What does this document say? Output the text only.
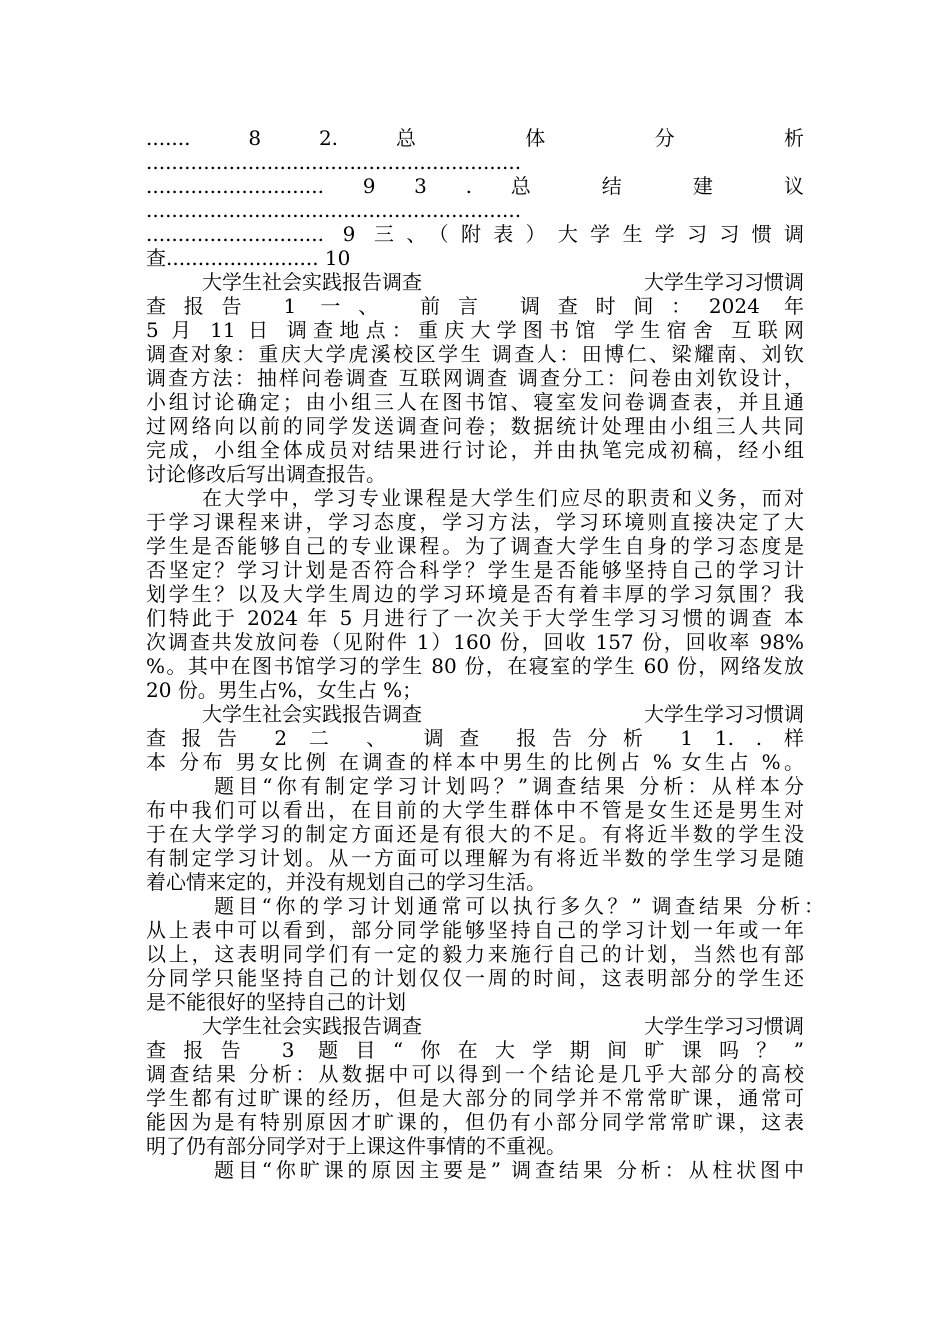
....... 8 2. 总 体 分 析
...........................................................
............................ 9 3 . 总 结 建 议
...........................................................
............................ 9 三、（附表）大学生学习习惯调
查........................ 10
大学生社会实践报告调查	大学生学习习惯调
查报告 1 一、 前言 调查时间：2024 年
5 月 11 日 调查地点：重庆大学图书馆 学生宿舍 互联网
调查对象：重庆大学虎溪校区学生 调查人：田博仁、梁耀南、刘钦
调查方法：抽样问卷调查 互联网调查 调查分工：问卷由刘钦设计，
小组讨论确定；由小组三人在图书馆、寝室发问卷调查表，并且通
过网络向以前的同学发送调查问卷；数据统计处理由小组三人共同
完成，小组全体成员对结果进行讨论，并由执笔完成初稿，经小组
讨论修改后写出调查报告。
在大学中，学习专业课程是大学生们应尽的职责和义务，而对
于学习课程来讲，学习态度，学习方法，学习环境则直接决定了大
学生是否能够自己的专业课程。为了调查大学生自身的学习态度是
否坚定？学习计划是否符合科学？学生是否能够坚持自己的学习计
划学生？以及大学生周边的学习环境是否有着丰厚的学习氛围？我
们特此于 2024 年 5 月进行了一次关于大学生学习习惯的调查 本
次调查共发放问卷（见附件 1）160 份，回收 157 份，回收率 98%
%。其中在图书馆学习的学生 80 份，在寝室的学生 60 份，网络发放
20 份。男生占%，女生占 %；
大学生社会实践报告调查	大学生学习习惯调
查报告 2 二 、 调查 报告分析 1 1. . 样
本 分布 男女比例 在调查的样本中男生的比例占 % 女生占 %。
题目“你有制定学习计划吗？”调查结果 分析：从样本分
布中我们可以看出，在目前的大学生群体中不管是女生还是男生对
于在大学学习的制定方面还是有很大的不足。有将近半数的学生没
有制定学习计划。从一方面可以理解为有将近半数的学生学习是随
着心情来定的，并没有规划自己的学习生活。
题目“你的学习计划通常可以执行多久？” 调查结果 分析：
从上表中可以看到，部分同学能够坚持自己的学习计划一年或一年
以上，这表明同学们有一定的毅力来施行自己的计划，当然也有部
分同学只能坚持自己的计划仅仅一周的时间，这表明部分的学生还
是不能很好的坚持自己的计划
大学生社会实践报告调查	大学生学习习惯调
查报告 3 题目“你在大学期间旷课吗？”
调查结果 分析：从数据中可以得到一个结论是几乎大部分的高校
学生都有过旷课的经历，但是大部分的同学并不常常旷课，通常可
能因为是有特别原因才旷课的，但仍有小部分同学常常旷课，这表
明了仍有部分同学对于上课这件事情的不重视。
题目“你旷课的原因主要是” 调查结果 分析：从柱状图中
